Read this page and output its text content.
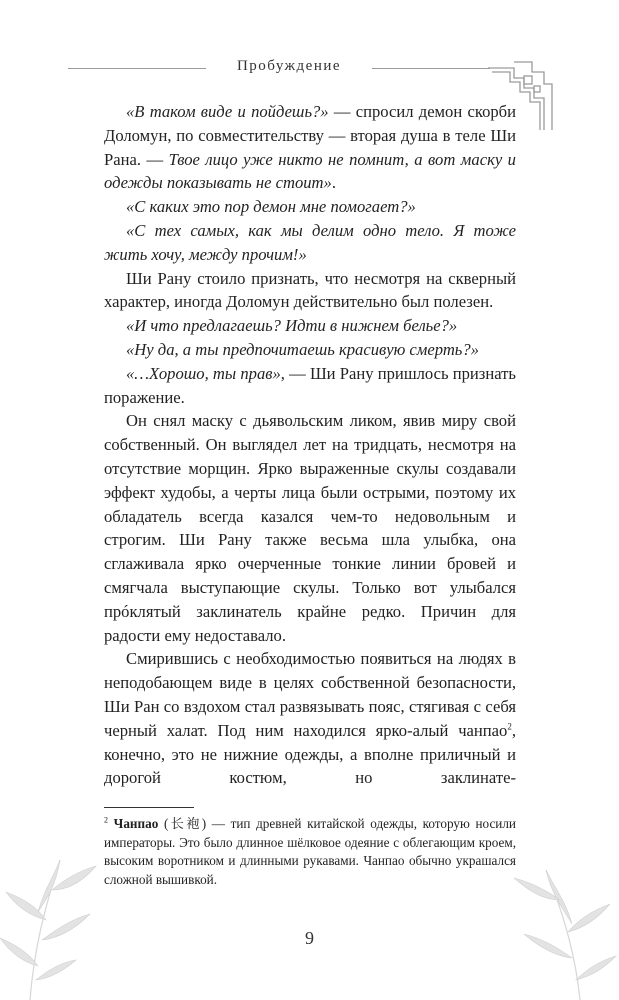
Пробуждение

«В таком виде и пойдешь?» — спросил демон скорби Доломун, по совместительству — вторая душа в теле Ши Рана. — Твое лицо уже никто не помнит, а вот маску и одежды показывать не стоит».

«С каких это пор демон мне помогает?»

«С тех самых, как мы делим одно тело. Я тоже жить хочу, между прочим!»

Ши Рану стоило признать, что несмотря на скверный характер, иногда Доломун действительно был полезен.

«И что предлагаешь? Идти в нижнем белье?»

«Ну да, а ты предпочитаешь красивую смерть?»

«…Хорошо, ты прав», — Ши Рану пришлось признать поражение.

Он снял маску с дьявольским ликом, явив миру свой собственный. Он выглядел лет на тридцать, несмотря на отсутствие морщин. Ярко выраженные скулы создавали эффект худобы, а черты лица были острыми, поэтому их обладатель всегда казался чем-то недовольным и строгим. Ши Рану также весьма шла улыбка, она сглаживала ярко очерченные тонкие линии бровей и смягчала выступающие скулы. Только вот улыбался прóклятый заклинатель крайне редко. Причин для радости ему недоставало.

Смирившись с необходимостью появиться на людях в неподобающем виде в целях собственной безопасности, Ши Ран со вздохом стал развязывать пояс, стягивая с себя черный халат. Под ним находился ярко-алый чанпао$^2$, конечно, это не нижние одежды, а вполне приличный и дорогой костюм, но заклинате-

$^2$ Чанпао (长袍) — тип древней китайской одежды, которую носили императоры. Это было длинное шёлковое одеяние с облегающим кроем, высоким воротником и длинными рукавами. Чанпао обычно украшался сложной вышивкой.
9
